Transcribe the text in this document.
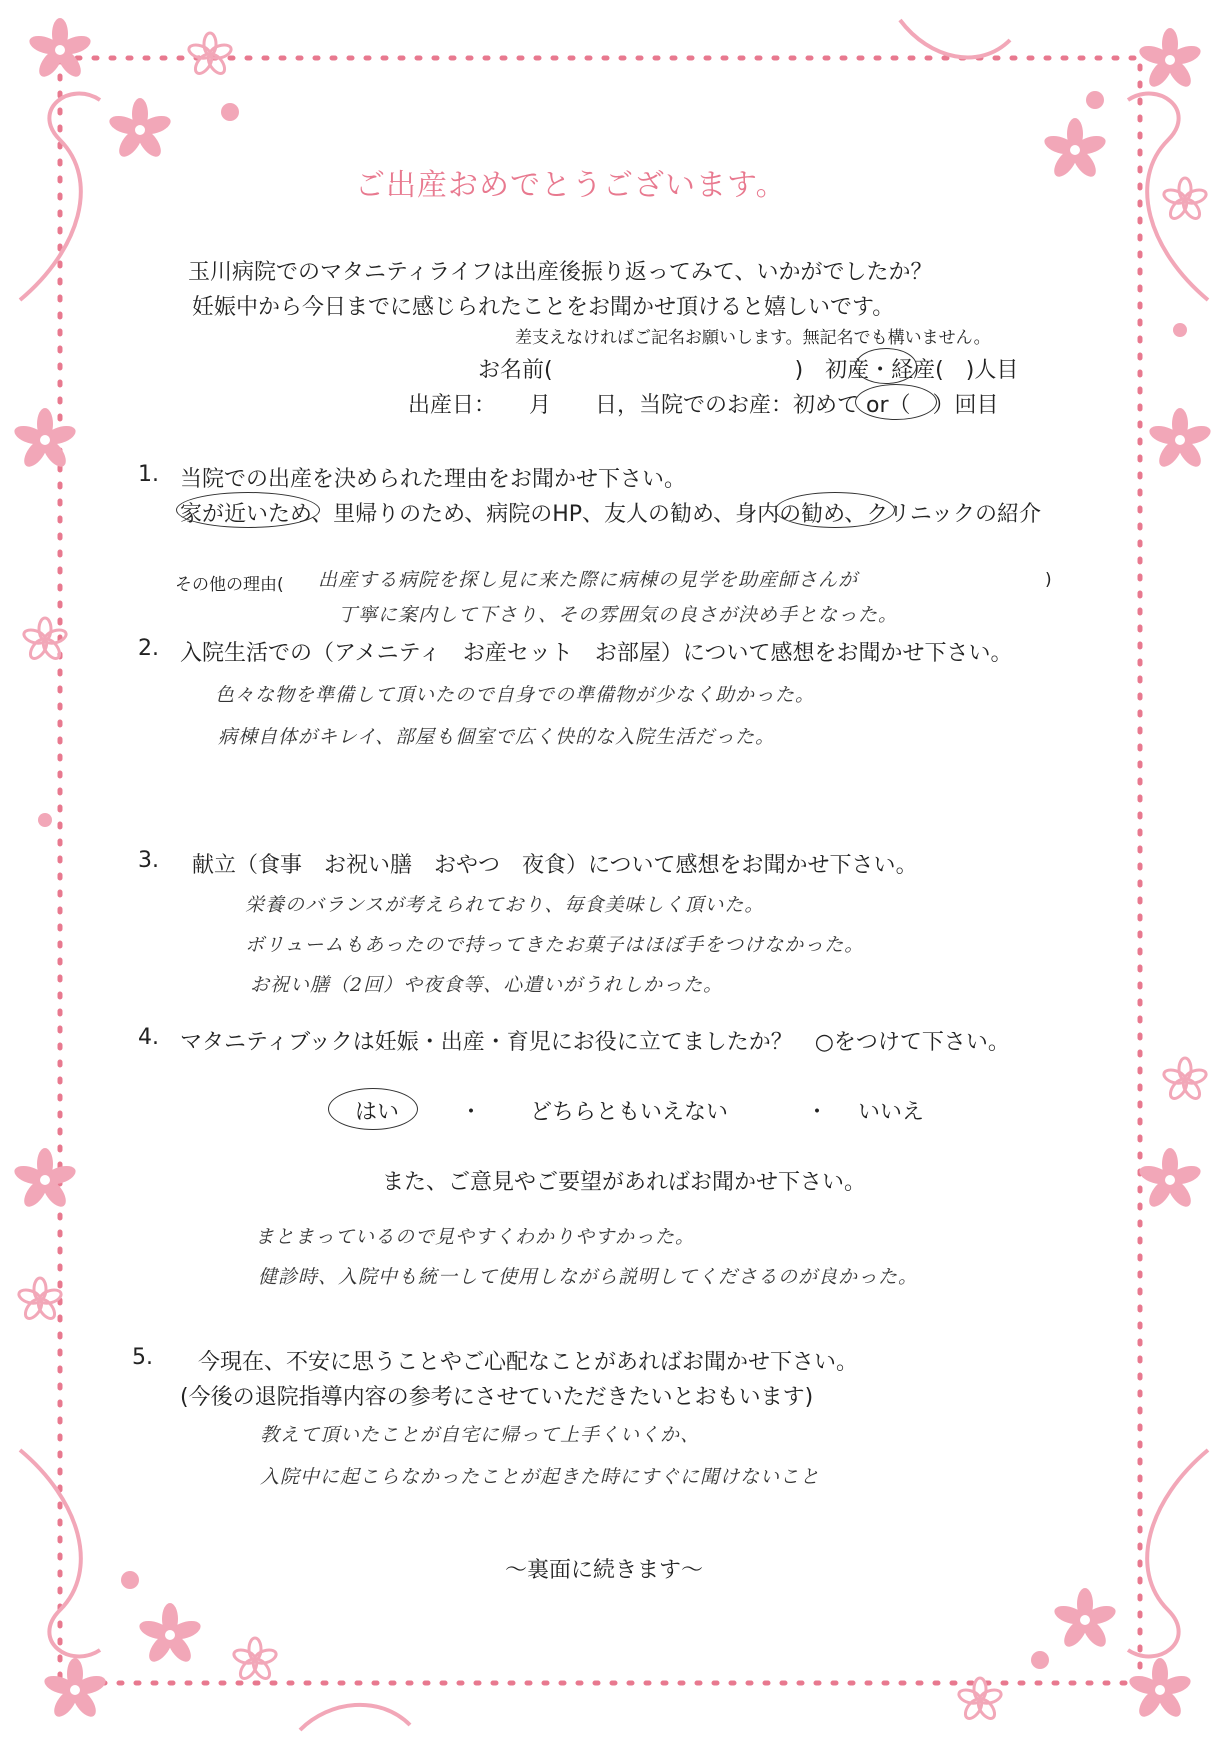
ご出産おめでとうございます。
玉川病院でのマタニティライフは出産後振り返ってみて、いかがでしたか？
妊娠中から今日までに感じられたことをお聞かせ頂けると嬉しいです。
差支えなければご記名お願いします。無記名でも構いません。
お名前(　　　　　　　　　　　)　初産・経産(　)人目
出産日：　　月　　日，当院でのお産：初めて or（　）回目
1. 当院での出産を決められた理由をお聞かせ下さい。
家が近いため、里帰りのため、病院のHP、友人の勧め、身内の勧め、クリニックの紹介
その他の理由( 出産する病院を探し見に来た際に病棟の見学を助産師さんが	)
丁寧に案内して下さり、その雰囲気の良さが決め手となった。
2. 入院生活での（アメニティ　お産セット　お部屋）について感想をお聞かせ下さい。
色々な物を準備して頂いたので自身での準備物が少なく助かった。
病棟自体がキレイ、部屋も個室で広く快的な入院生活だった。
3. 献立（食事　お祝い膳　おやつ　夜食）について感想をお聞かせ下さい。
栄養のバランスが考えられており、毎食美味しく頂いた。
ボリュームもあったので持ってきたお菓子はほぼ手をつけなかった。
お祝い膳（2回）や夜食等、心遣いがうれしかった。
4. マタニティブックは妊娠・出産・育児にお役に立てましたか？　○をつけて下さい。
はい	・ どちらともいえない	・ いいえ
また、ご意見やご要望があればお聞かせ下さい。
まとまっているので見やすくわかりやすかった。
健診時、入院中も統一して使用しながら説明してくださるのが良かった。
5. 今現在、不安に思うことやご心配なことがあればお聞かせ下さい。
(今後の退院指導内容の参考にさせていただきたいとおもいます)
教えて頂いたことが自宅に帰って上手くいくか、
入院中に起こらなかったことが起きた時にすぐに聞けないこと
～裏面に続きます～
